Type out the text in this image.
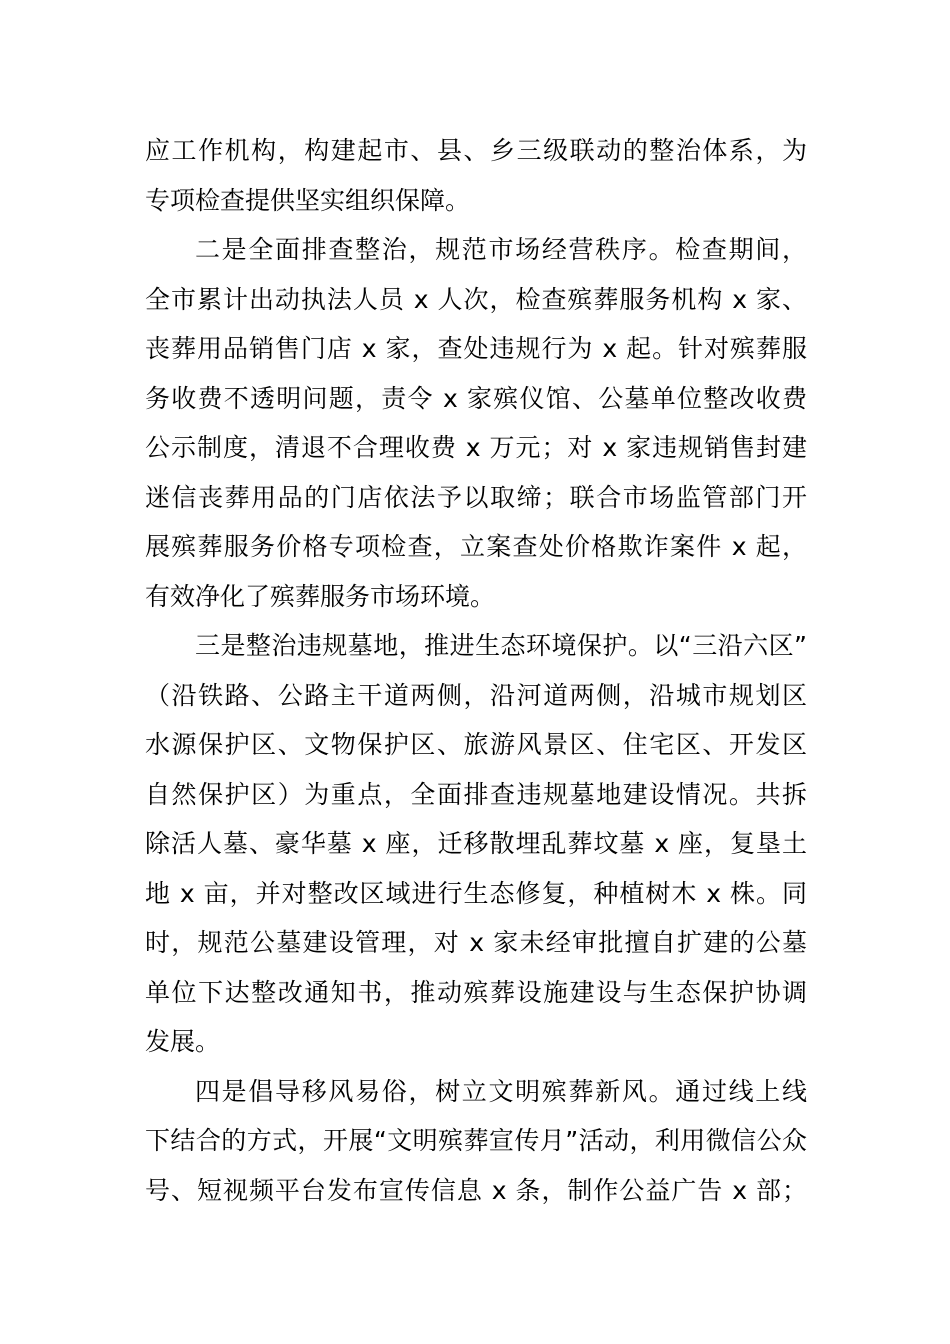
应工作机构，构建起市、县、乡三级联动的整治体系，为
专项检查提供坚实组织保障。
二是全面排查整治，规范市场经营秩序。检查期间，
全市累计出动执法人员 x 人次，检查殡葬服务机构 x 家、
丧葬用品销售门店 x 家，查处违规行为 x 起。针对殡葬服
务收费不透明问题，责令 x 家殡仪馆、公墓单位整改收费
公示制度，清退不合理收费 x 万元；对 x 家违规销售封建
迷信丧葬用品的门店依法予以取缔；联合市场监管部门开
展殡葬服务价格专项检查，立案查处价格欺诈案件 x 起，
有效净化了殡葬服务市场环境。
三是整治违规墓地，推进生态环境保护。以“三沿六区”
（沿铁路、公路主干道两侧，沿河道两侧，沿城市规划区
水源保护区、文物保护区、旅游风景区、住宅区、开发区
自然保护区）为重点，全面排查违规墓地建设情况。共拆
除活人墓、豪华墓 x 座，迁移散埋乱葬坟墓 x 座，复垦土
地 x 亩，并对整改区域进行生态修复，种植树木 x 株。同
时，规范公墓建设管理，对 x 家未经审批擅自扩建的公墓
单位下达整改通知书，推动殡葬设施建设与生态保护协调
发展。
四是倡导移风易俗，树立文明殡葬新风。通过线上线
下结合的方式，开展“文明殡葬宣传月”活动，利用微信公众
号、短视频平台发布宣传信息 x 条，制作公益广告 x 部；
